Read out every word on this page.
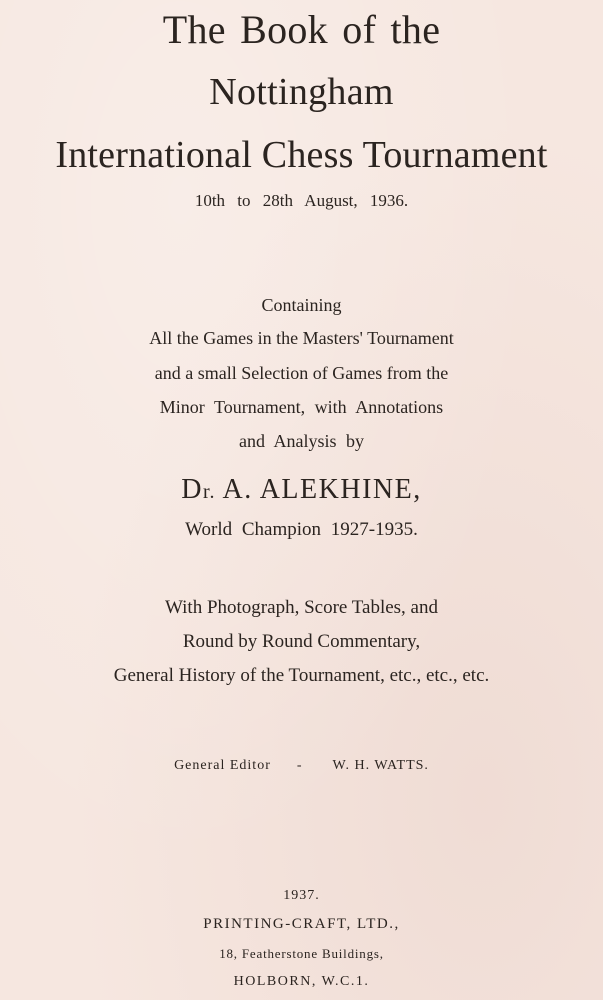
The Book of the
Nottingham
International Chess Tournament
10th to 28th August, 1936.
Containing
All the Games in the Masters' Tournament
and a small Selection of Games from the
Minor Tournament, with Annotations
and Analysis by
Dr. A. ALEKHINE,
World Champion 1927-1935.
With Photograph, Score Tables, and
Round by Round Commentary,
General History of the Tournament, etc., etc., etc.
General Editor - W. H. WATTS.
1937.
PRINTING-CRAFT, LTD.,
18, Featherstone Buildings,
HOLBORN, W.C.1.
